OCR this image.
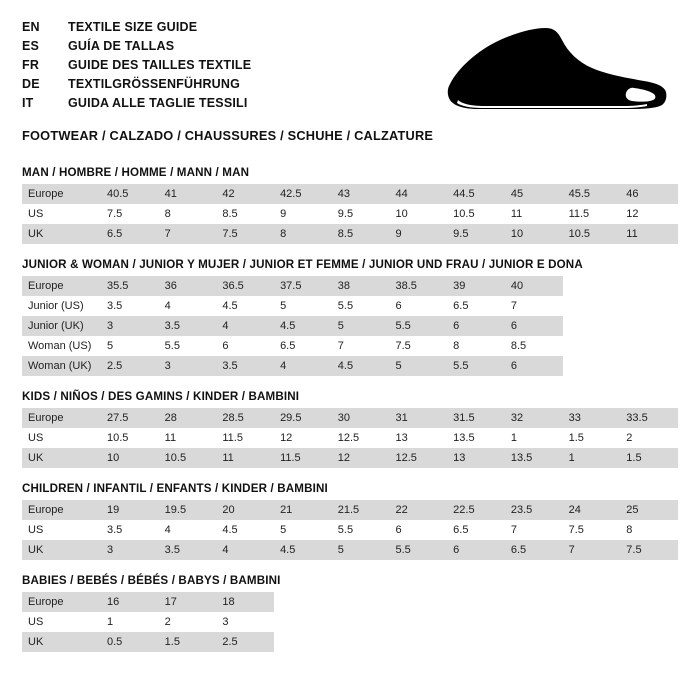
EN	TEXTILE SIZE GUIDE
ES	GUÍA DE TALLAS
FR	GUIDE DES TAILLES TEXTILE
DE	TEXTILGRÖSSENFÜHRUNG
IT	GUIDA ALLE TAGLIE TESSILI
FOOTWEAR / CALZADO / CHAUSSURES / SCHUHE / CALZATURE
MAN / HOMBRE / HOMME / MANN / MAN
Europe	40.5	41	42	42.5	43	44	44.5	45	45.5	46
US	7.5	8	8.5	9	9.5	10	10.5	11	11.5	12
UK	6.5	7	7.5	8	8.5	9	9.5	10	10.5	11
JUNIOR & WOMAN / JUNIOR Y MUJER / JUNIOR ET FEMME / JUNIOR UND FRAU / JUNIOR E DONA
Europe	35.5	36	36.5	37.5	38	38.5	39	40		
Junior (US)	3.5	4	4.5	5	5.5	6	6.5	7		
Junior (UK)	3	3.5	4	4.5	5	5.5	6	6		
Woman (US)	5	5.5	6	6.5	7	7.5	8	8.5		
Woman (UK)	2.5	3	3.5	4	4.5	5	5.5	6		
KIDS / NIÑOS / DES GAMINS / KINDER / BAMBINI
Europe	27.5	28	28.5	29.5	30	31	31.5	32	33	33.5
US	10.5	11	11.5	12	12.5	13	13.5	1	1.5	2
UK	10	10.5	11	11.5	12	12.5	13	13.5	1	1.5
CHILDREN / INFANTIL / ENFANTS / KINDER / BAMBINI
Europe	19	19.5	20	21	21.5	22	22.5	23.5	24	25
US	3.5	4	4.5	5	5.5	6	6.5	7	7.5	8
UK	3	3.5	4	4.5	5	5.5	6	6.5	7	7.5
BABIES / BEBÉS / BÉBÉS / BABYS / BAMBINI
Europe	16	17	18							
US	1	2	3							
UK	0.5	1.5	2.5							
